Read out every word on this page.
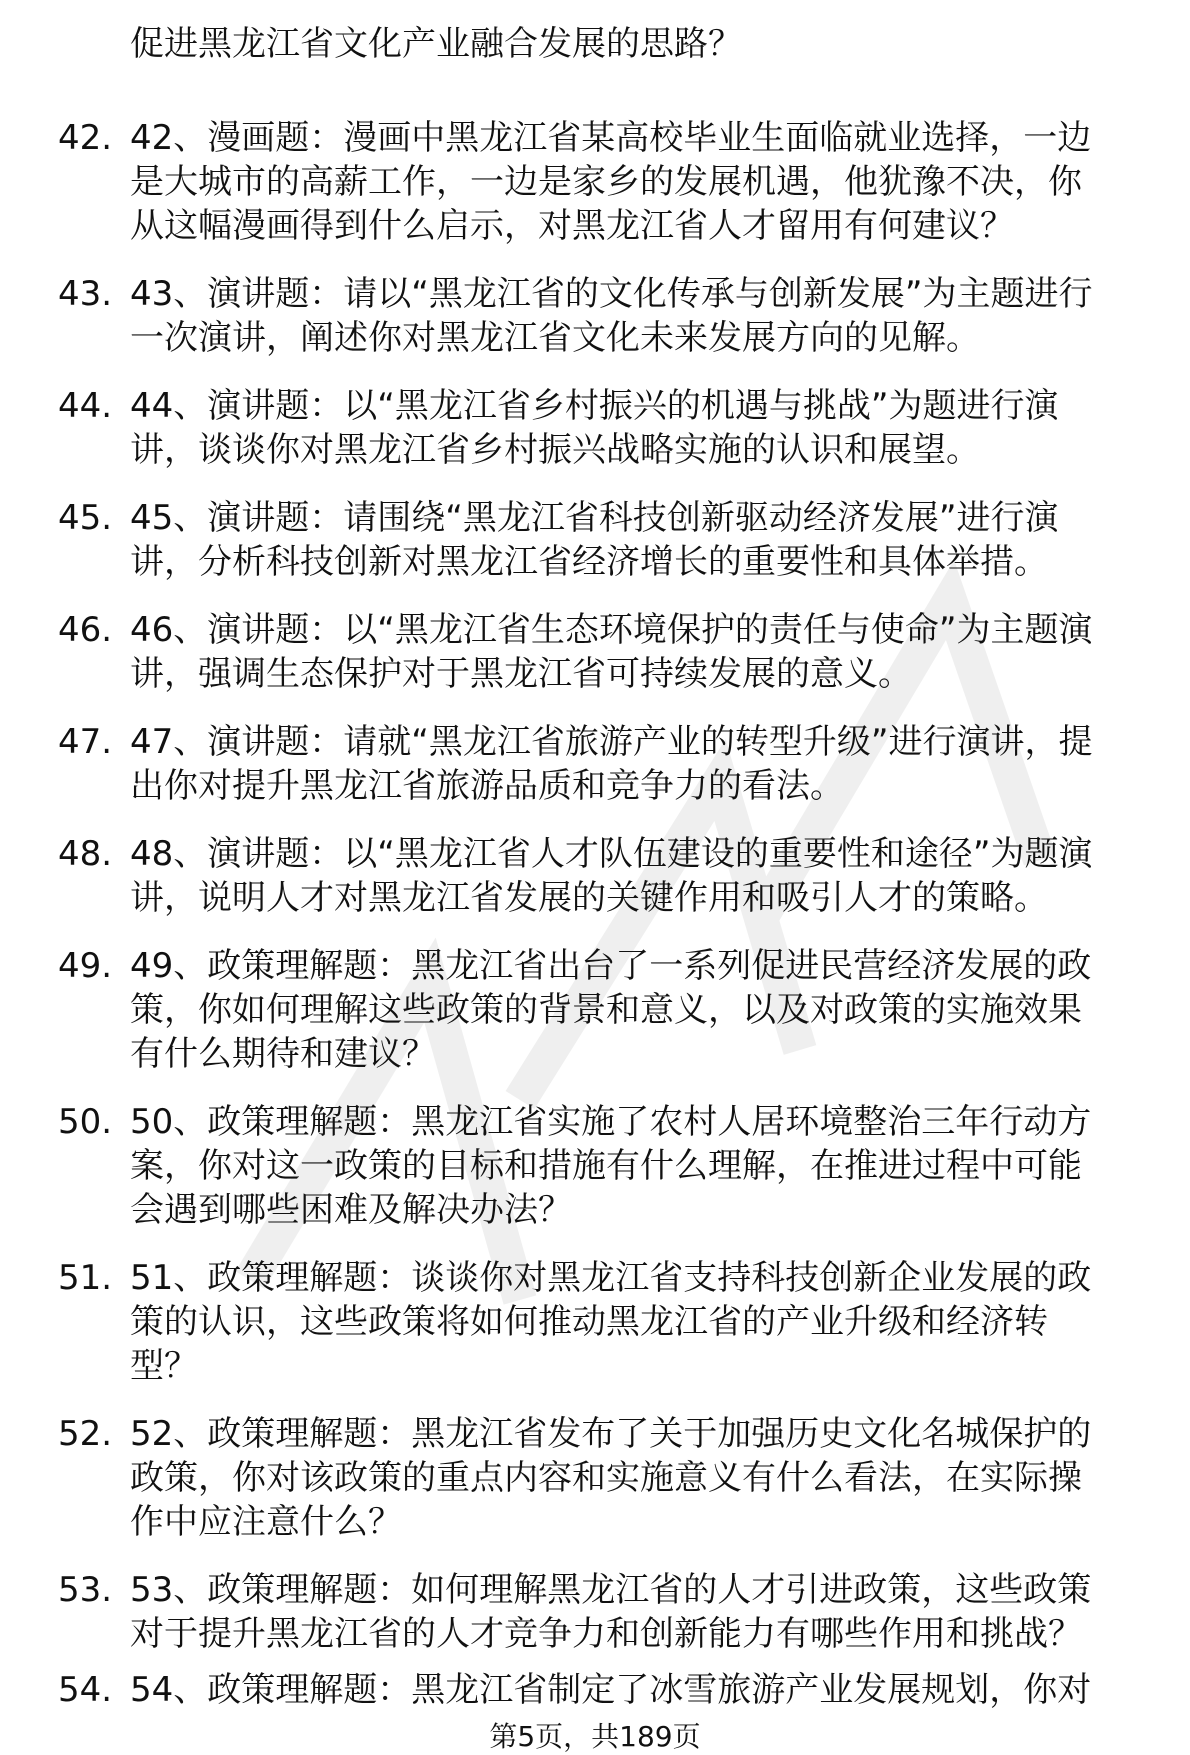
促进黑龙江省文化产业融合发展的思路？
42. 42、漫画题：漫画中黑龙江省某高校毕业生面临就业选择，一边
是大城市的高薪工作，一边是家乡的发展机遇，他犹豫不决，你
从这幅漫画得到什么启示，对黑龙江省人才留用有何建议？
43. 43、演讲题：请以“黑龙江省的文化传承与创新发展”为主题进行
一次演讲，阐述你对黑龙江省文化未来发展方向的见解。
44. 44、演讲题：以“黑龙江省乡村振兴的机遇与挑战”为题进行演
讲，谈谈你对黑龙江省乡村振兴战略实施的认识和展望。
45. 45、演讲题：请围绕“黑龙江省科技创新驱动经济发展”进行演
讲，分析科技创新对黑龙江省经济增长的重要性和具体举措。
46. 46、演讲题：以“黑龙江省生态环境保护的责任与使命”为主题演
讲，强调生态保护对于黑龙江省可持续发展的意义。
47. 47、演讲题：请就“黑龙江省旅游产业的转型升级”进行演讲，提
出你对提升黑龙江省旅游品质和竞争力的看法。
48. 48、演讲题：以“黑龙江省人才队伍建设的重要性和途径”为题演
讲，说明人才对黑龙江省发展的关键作用和吸引人才的策略。
49. 49、政策理解题：黑龙江省出台了一系列促进民营经济发展的政
策，你如何理解这些政策的背景和意义，以及对政策的实施效果
有什么期待和建议？
50. 50、政策理解题：黑龙江省实施了农村人居环境整治三年行动方
案，你对这一政策的目标和措施有什么理解，在推进过程中可能
会遇到哪些困难及解决办法？
51. 51、政策理解题：谈谈你对黑龙江省支持科技创新企业发展的政
策的认识，这些政策将如何推动黑龙江省的产业升级和经济转
型？
52. 52、政策理解题：黑龙江省发布了关于加强历史文化名城保护的
政策，你对该政策的重点内容和实施意义有什么看法，在实际操
作中应注意什么？
53. 53、政策理解题：如何理解黑龙江省的人才引进政策，这些政策
对于提升黑龙江省的人才竞争力和创新能力有哪些作用和挑战？
54. 54、政策理解题：黑龙江省制定了冰雪旅游产业发展规划，你对
第5页，共189页
